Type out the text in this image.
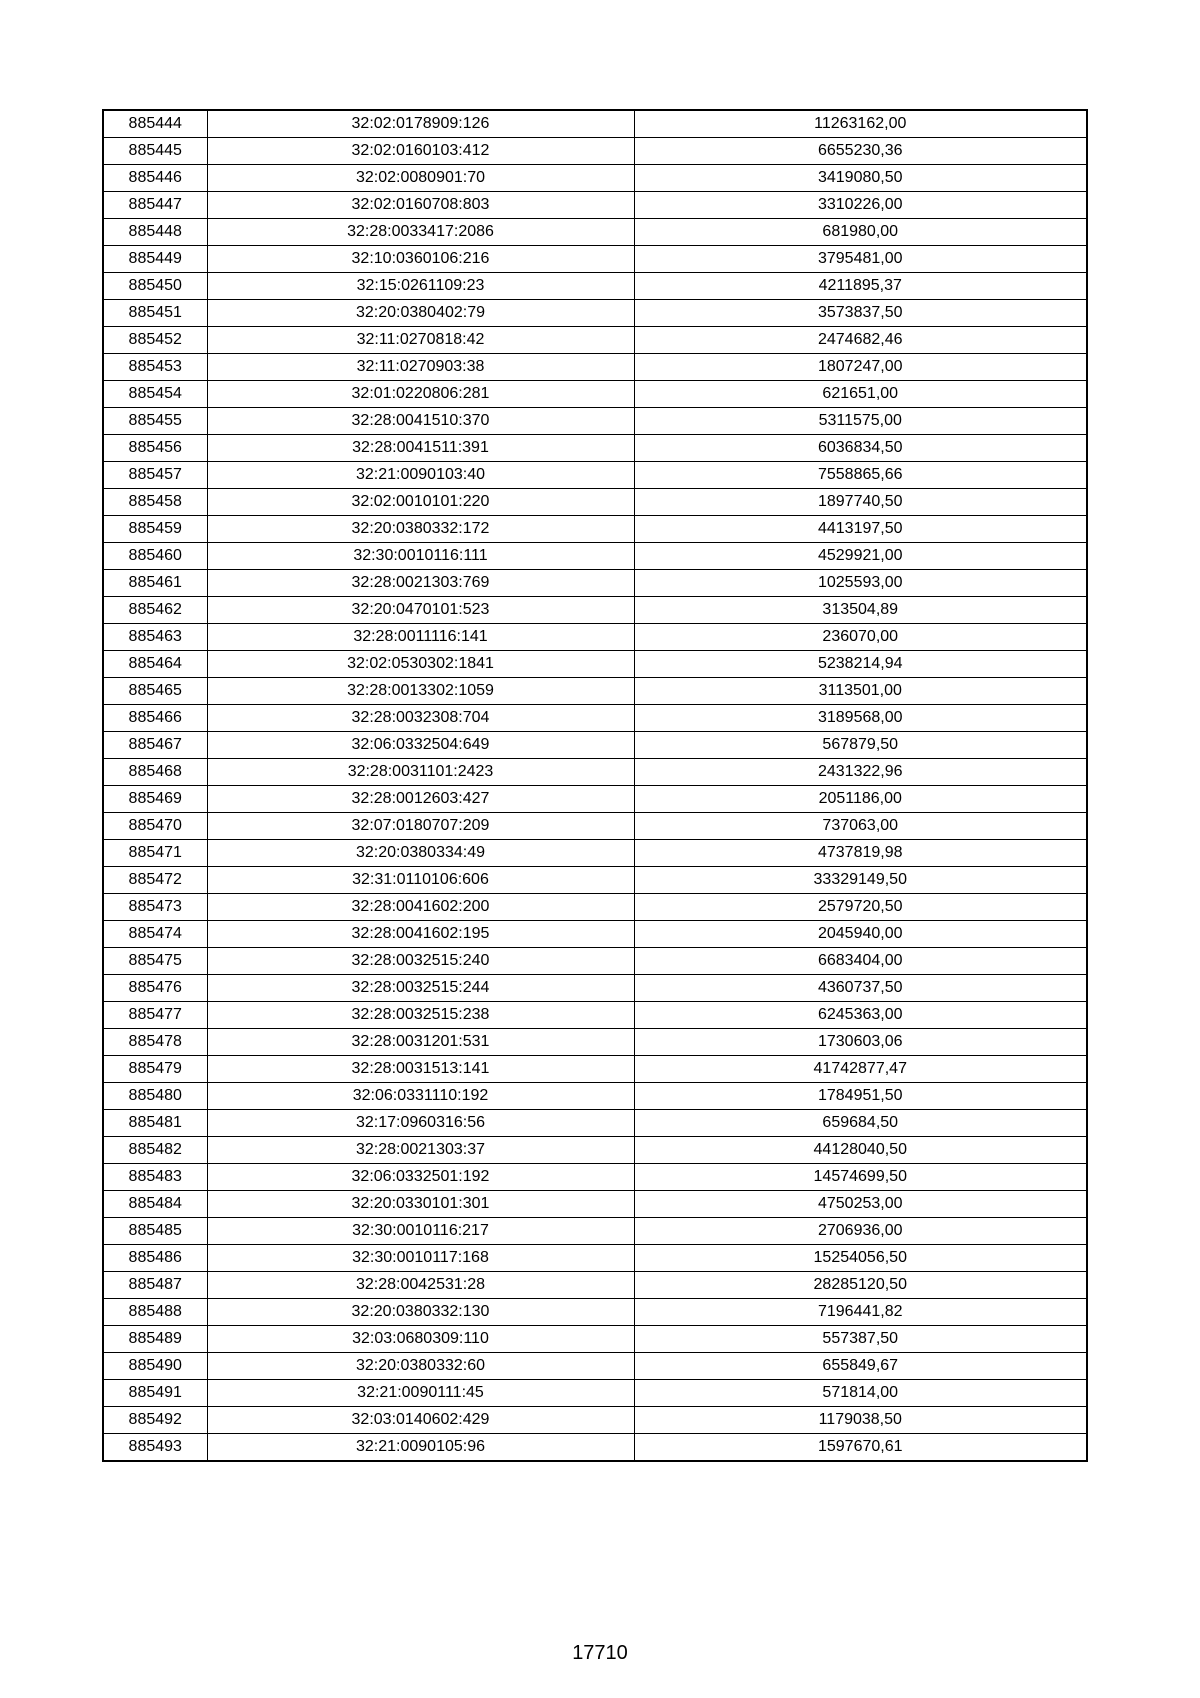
885444	32:02:0178909:126	11263162,00
885445	32:02:0160103:412	6655230,36
885446	32:02:0080901:70	3419080,50
885447	32:02:0160708:803	3310226,00
885448	32:28:0033417:2086	681980,00
885449	32:10:0360106:216	3795481,00
885450	32:15:0261109:23	4211895,37
885451	32:20:0380402:79	3573837,50
885452	32:11:0270818:42	2474682,46
885453	32:11:0270903:38	1807247,00
885454	32:01:0220806:281	621651,00
885455	32:28:0041510:370	5311575,00
885456	32:28:0041511:391	6036834,50
885457	32:21:0090103:40	7558865,66
885458	32:02:0010101:220	1897740,50
885459	32:20:0380332:172	4413197,50
885460	32:30:0010116:111	4529921,00
885461	32:28:0021303:769	1025593,00
885462	32:20:0470101:523	313504,89
885463	32:28:0011116:141	236070,00
885464	32:02:0530302:1841	5238214,94
885465	32:28:0013302:1059	3113501,00
885466	32:28:0032308:704	3189568,00
885467	32:06:0332504:649	567879,50
885468	32:28:0031101:2423	2431322,96
885469	32:28:0012603:427	2051186,00
885470	32:07:0180707:209	737063,00
885471	32:20:0380334:49	4737819,98
885472	32:31:0110106:606	33329149,50
885473	32:28:0041602:200	2579720,50
885474	32:28:0041602:195	2045940,00
885475	32:28:0032515:240	6683404,00
885476	32:28:0032515:244	4360737,50
885477	32:28:0032515:238	6245363,00
885478	32:28:0031201:531	1730603,06
885479	32:28:0031513:141	41742877,47
885480	32:06:0331110:192	1784951,50
885481	32:17:0960316:56	659684,50
885482	32:28:0021303:37	44128040,50
885483	32:06:0332501:192	14574699,50
885484	32:20:0330101:301	4750253,00
885485	32:30:0010116:217	2706936,00
885486	32:30:0010117:168	15254056,50
885487	32:28:0042531:28	28285120,50
885488	32:20:0380332:130	7196441,82
885489	32:03:0680309:110	557387,50
885490	32:20:0380332:60	655849,67
885491	32:21:0090111:45	571814,00
885492	32:03:0140602:429	1179038,50
885493	32:21:0090105:96	1597670,61
17710
